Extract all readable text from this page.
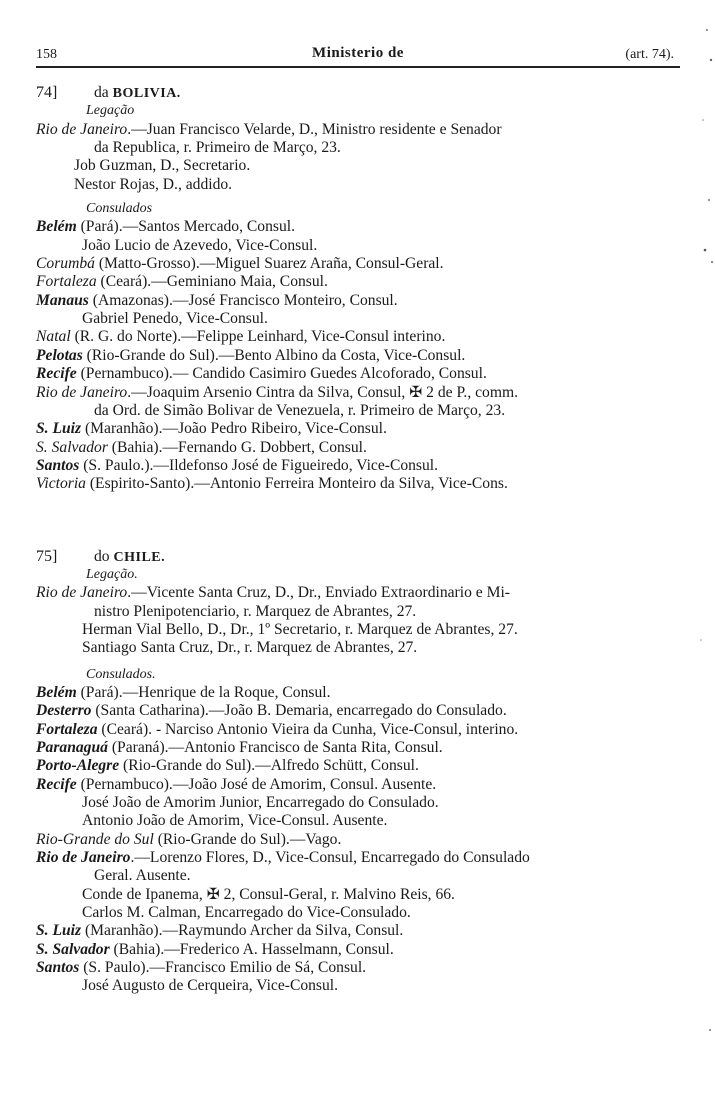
158	Ministerio de	(art. 74).
74] da BOLIVIA.
Legação
Rio de Janeiro.—Juan Francisco Velarde, D., Ministro residente e Senador
da Republica, r. Primeiro de Março, 23.
Job Guzman, D., Secretario.
Nestor Rojas, D., addido.
Consulados
Belém (Pará).—Santos Mercado, Consul.
João Lucio de Azevedo, Vice-Consul.
Corumbá (Matto-Grosso).—Miguel Suarez Araña, Consul-Geral.
Fortaleza (Ceará).—Geminiano Maia, Consul.
Manaus (Amazonas).—José Francisco Monteiro, Consul.
Gabriel Penedo, Vice-Consul.
Natal (R. G. do Norte).—Felippe Leinhard, Vice-Consul interino.
Pelotas (Rio-Grande do Sul).—Bento Albino da Costa, Vice-Consul.
Recife (Pernambuco).— Candido Casimiro Guedes Alcoforado, Consul.
Rio de Janeiro.—Joaquim Arsenio Cintra da Silva, Consul, ✠ 2 de P., comm.
da Ord. de Simão Bolivar de Venezuela, r. Primeiro de Março, 23.
S. Luiz (Maranhão).—João Pedro Ribeiro, Vice-Consul.
S. Salvador (Bahia).—Fernando G. Dobbert, Consul.
Santos (S. Paulo.).—Ildefonso José de Figueiredo, Vice-Consul.
Victoria (Espirito-Santo).—Antonio Ferreira Monteiro da Silva, Vice-Cons.
75] do CHILE.
Legação.
Rio de Janeiro.—Vicente Santa Cruz, D., Dr., Enviado Extraordinario e Mi-
nistro Plenipotenciario, r. Marquez de Abrantes, 27.
Herman Vial Bello, D., Dr., 1º Secretario, r. Marquez de Abrantes, 27.
Santiago Santa Cruz, Dr., r. Marquez de Abrantes, 27.
Consulados.
Belém (Pará).—Henrique de la Roque, Consul.
Desterro (Santa Catharina).—João B. Demaria, encarregado do Consulado.
Fortaleza (Ceará). - Narciso Antonio Vieira da Cunha, Vice-Consul, interino.
Paranaguá (Paraná).—Antonio Francisco de Santa Rita, Consul.
Porto-Alegre (Rio-Grande do Sul).—Alfredo Schütt, Consul.
Recife (Pernambuco).—João José de Amorim, Consul. Ausente.
José João de Amorim Junior, Encarregado do Consulado.
Antonio João de Amorim, Vice-Consul. Ausente.
Rio-Grande do Sul (Rio-Grande do Sul).—Vago.
Rio de Janeiro.—Lorenzo Flores, D., Vice-Consul, Encarregado do Consulado
Geral. Ausente.
Conde de Ipanema, ✠ 2, Consul-Geral, r. Malvino Reis, 66.
Carlos M. Calman, Encarregado do Vice-Consulado.
S. Luiz (Maranhão).—Raymundo Archer da Silva, Consul.
S. Salvador (Bahia).—Frederico A. Hasselmann, Consul.
Santos (S. Paulo).—Francisco Emilio de Sá, Consul.
José Augusto de Cerqueira, Vice-Consul.
